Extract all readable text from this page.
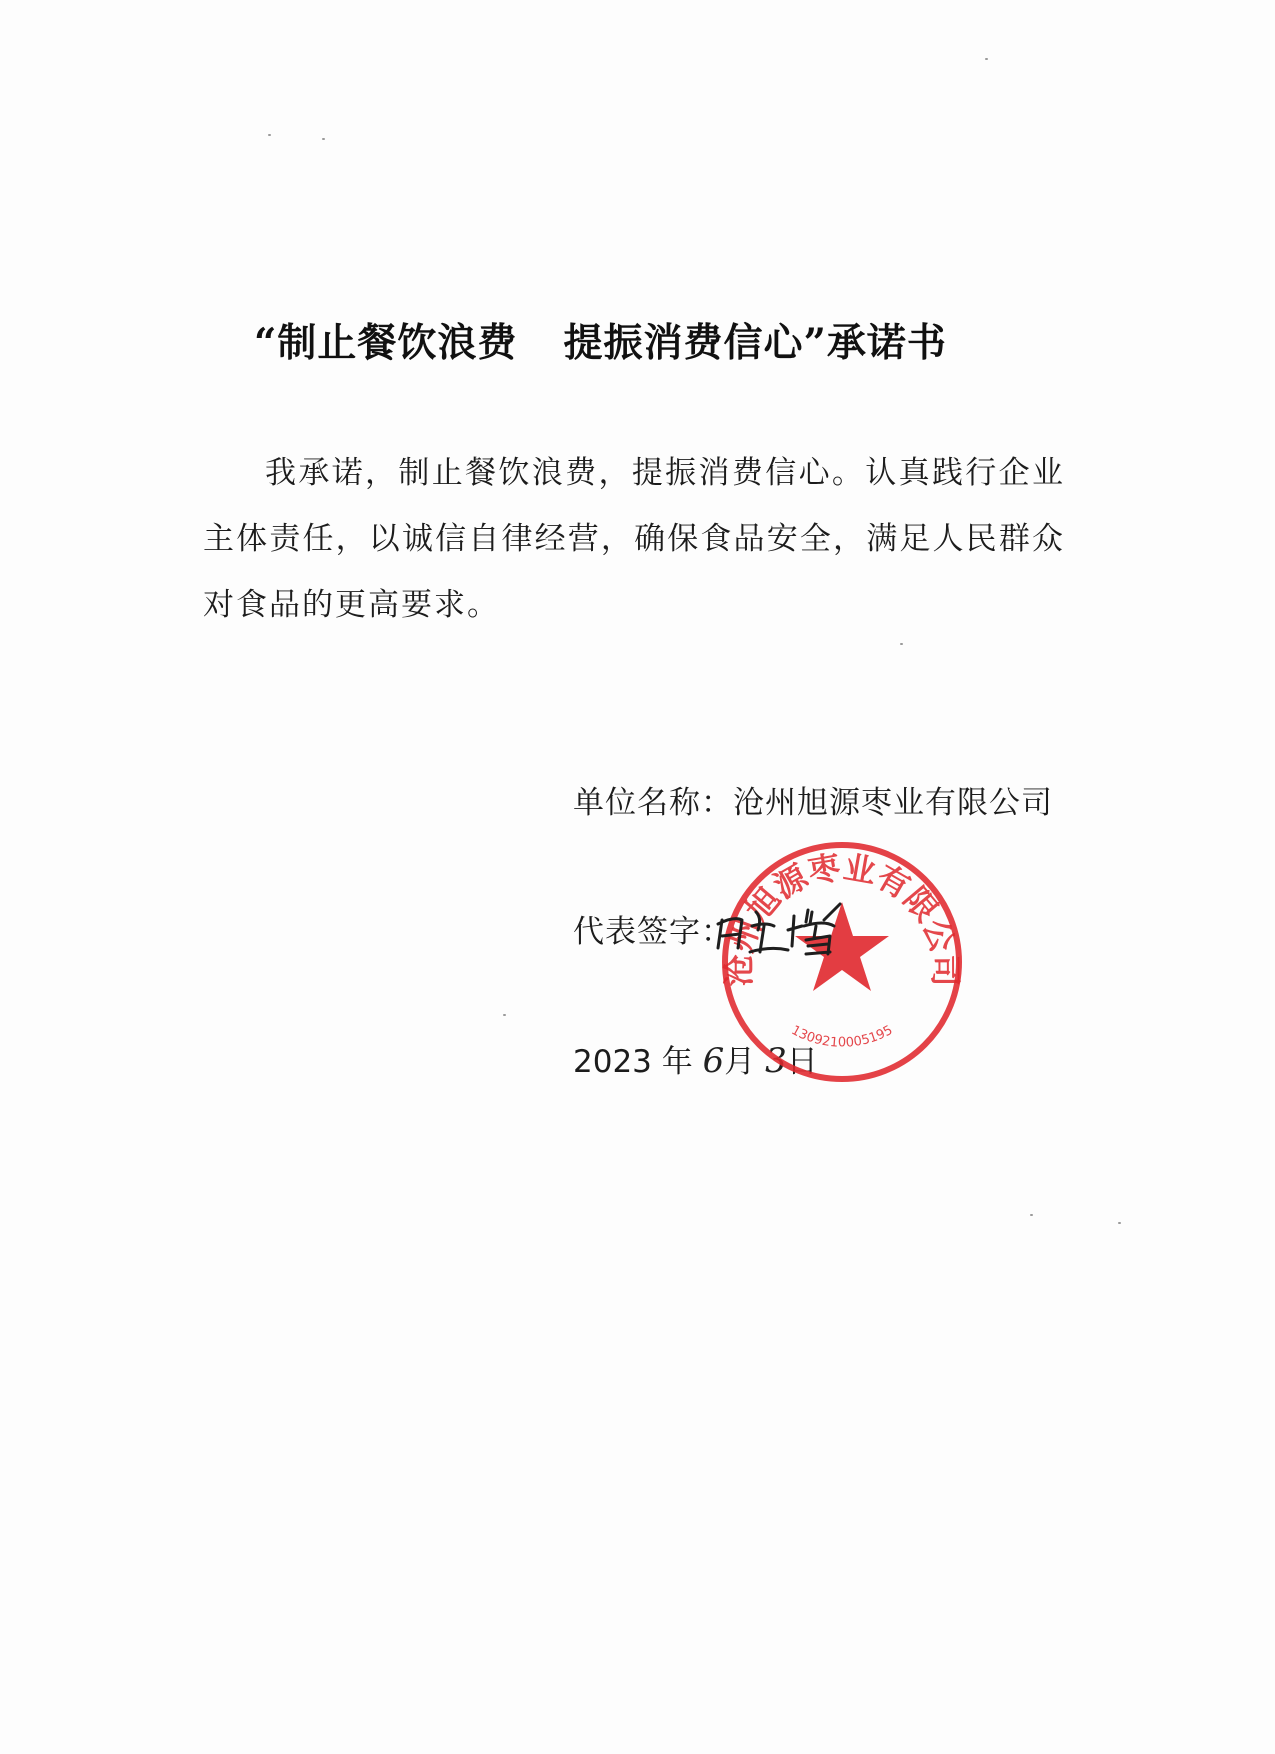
“制止餐饮浪费 提振消费信心”承诺书
我承诺，制止餐饮浪费，提振消费信心。认真践行企业主体责任，以诚信自律经营，确保食品安全，满足人民群众对食品的更高要求。
单位名称：沧州旭源枣业有限公司
代表签字：
2023 年 6月 3日
沧州旭源枣业有限公司
1309210005195
